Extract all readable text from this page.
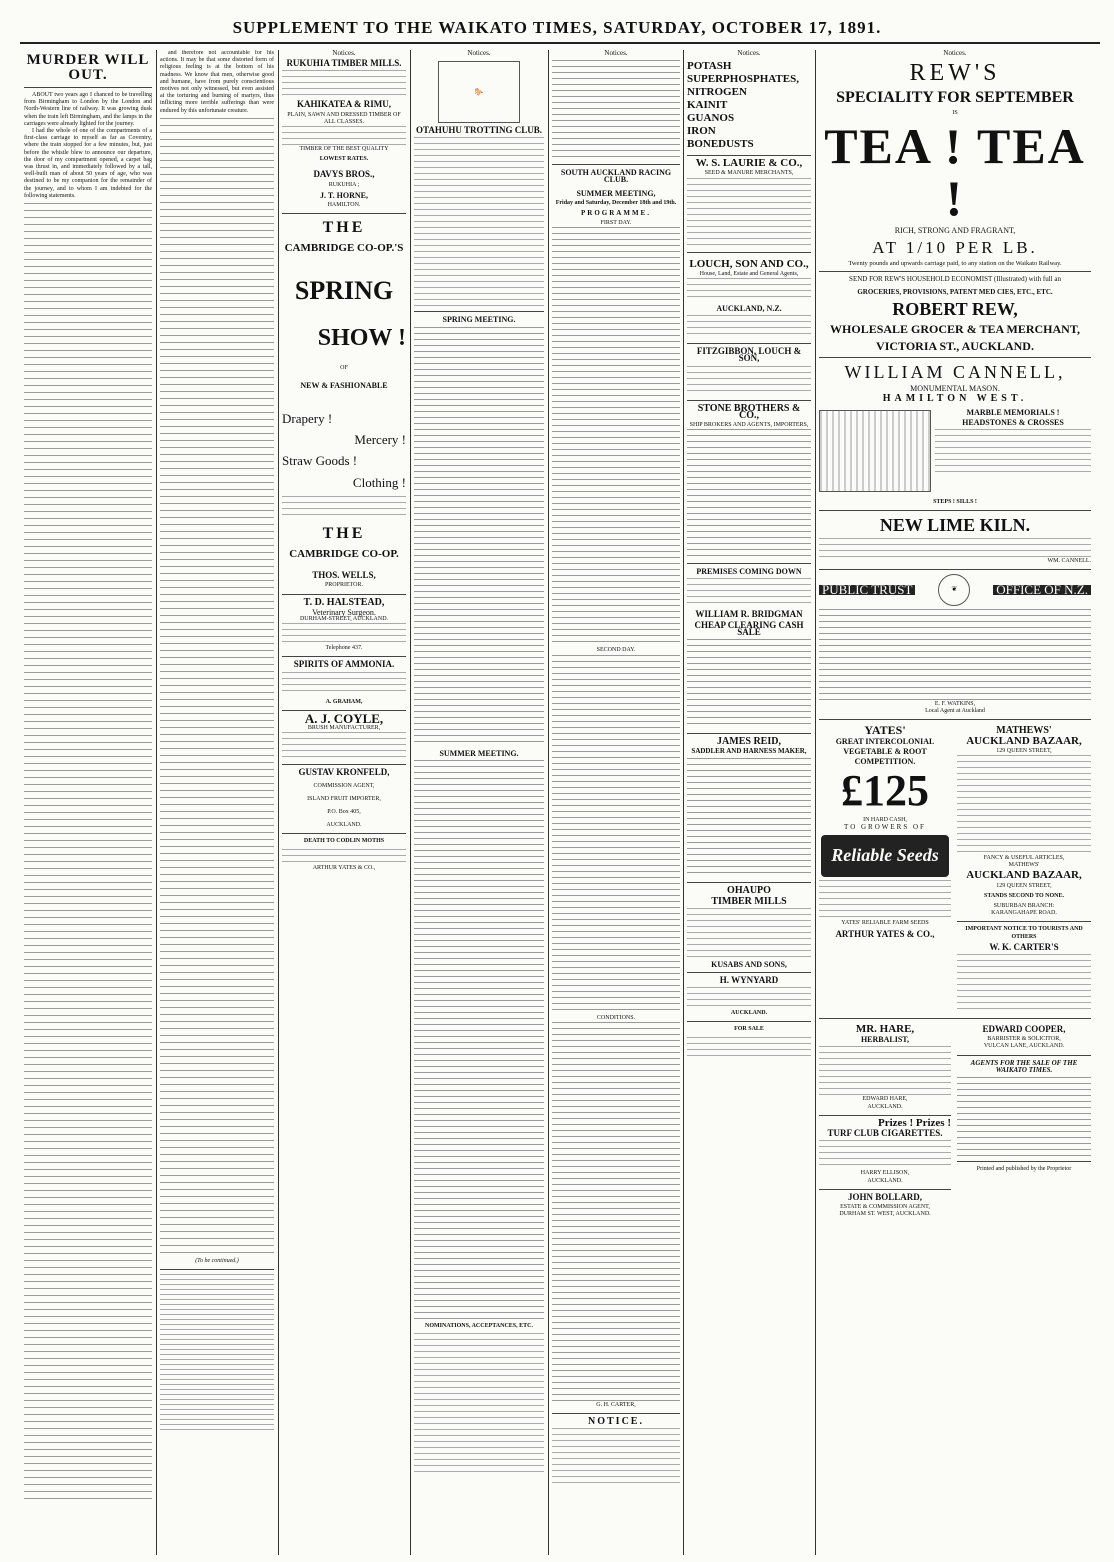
SUPPLEMENT TO THE WAIKATO TIMES, SATURDAY, OCTOBER 17, 1891.
MURDER WILL OUT.

ABOUT two years ago I chanced to be travelling from Birmingham to London by the London and North-Western line of railway. It was growing dusk when the train left Birmingham, and the lamps in the carriages were already lighted for the journey.

I had the whole of one of the compartments of a first-class carriage to myself as far as Coventry, where the train stopped for a few minutes, but, just before the whistle blew to announce our departure, the door of my compartment opened, a carpet bag was thrust in, and immediately followed by a tall, well-built man of about 50 years of age, who was destined to be my companion for the remainder of the journey, and to whom I am indebted for the following statements.

and therefore not accountable for his actions. It may be that some distorted form of religious feeling is at the bottom of his madness. We know that men, otherwise good and humane, have from purely conscientious motives not only witnessed, but even assisted at the torturing and burning of martyrs, thus inflicting more terrible sufferings than were endured by this unfortunate creature.

(To be continued.)
Notices.
RUKUHIA TIMBER MILLS.
KAHIKATEA & RIMU,
PLAIN, SAWN AND DRESSED TIMBER OF ALL CLASSES.
TIMBER OF THE BEST QUALITY
LOWEST RATES.
DAVYS BROS.,
RUKUHIA ;
J. T. HORNE,
HAMILTON.
THE
CAMBRIDGE CO-OP.'S
SPRING
SHOW !
OF
NEW & FASHIONABLE
Drapery !
Mercery !
Straw Goods !
Clothing !
THE
CAMBRIDGE CO-OP.
THOS. WELLS,
PROPRIETOR.
T. D. HALSTEAD,
Veterinary Surgeon.
DURHAM-STREET, AUCKLAND.
Telephone 437.
SPIRITS OF AMMONIA.
A. GRAHAM,
A. J. COYLE,
BRUSH MANUFACTURER,
GUSTAV KRONFELD,
COMMISSION AGENT,
ISLAND FRUIT IMPORTER,
P.O. Box 405,
AUCKLAND.
DEATH TO CODLIN MOTHS
ARTHUR YATES & CO.,
Notices.
🐎
OTAHUHU TROTTING CLUB.
SPRING MEETING.
SUMMER MEETING.
NOMINATIONS, ACCEPTANCES, ETC.
Notices.
SOUTH AUCKLAND RACING CLUB.
SUMMER MEETING,
Friday and Saturday, December 18th and 19th.
PROGRAMME.
FIRST DAY.
SECOND DAY.
CONDITIONS.
G. H. CARTER,
NOTICE.
Notices.
POTASH
SUPERPHOSPHATES,
NITROGEN
KAINIT
GUANOS
IRON
BONEDUSTS
W. S. LAURIE & CO.,
SEED & MANURE MERCHANTS,
LOUCH, SON AND CO.,
House, Land, Estate and General Agents,
AUCKLAND, N.Z.
FITZGIBBON, LOUCH & SON,
STONE BROTHERS & CO.,
SHIP BROKERS AND AGENTS, IMPORTERS,
PREMISES COMING DOWN
WILLIAM R. BRIDGMAN
CHEAP CLEARING CASH SALE
JAMES REID,
SADDLER AND HARNESS MAKER,
OHAUPO
TIMBER MILLS
KUSABS AND SONS,
H. WYNYARD
AUCKLAND.
FOR SALE
Notices.
REW'S
SPECIALITY FOR SEPTEMBER
IS
TEA ! TEA !
RICH, STRONG AND FRAGRANT,
AT 1/10 PER LB.
Twenty pounds and upwards carriage paid, to any station on the Waikato Railway.
SEND FOR REW'S HOUSEHOLD ECONOMIST (Illustrated) with full an
GROCERIES, PROVISIONS, PATENT MED CIES, ETC., ETC.
ROBERT REW,
WHOLESALE GROCER & TEA MERCHANT,
VICTORIA ST., AUCKLAND.
WILLIAM CANNELL,
MONUMENTAL MASON.
HAMILTON WEST.
MARBLE MEMORIALS !
HEADSTONES & CROSSES
STEPS ! SILLS !
NEW LIME KILN.
WM. CANNELL.
PUBLIC TRUST	❦	OFFICE OF N.Z.
E. F. WATKINS,
Local Agent at Auckland
YATES'
GREAT INTERCOLONIAL
VEGETABLE & ROOT
COMPETITION.
£125
IN HARD CASH,
TO GROWERS OF
Reliable Seeds
YATES' RELIABLE FARM SEEDS
ARTHUR YATES & CO.,
MATHEWS'
AUCKLAND BAZAAR,
129 QUEEN STREET,
FANCY & USEFUL ARTICLES,
MATHEWS'
AUCKLAND BAZAAR,
129 QUEEN STREET,
STANDS SECOND TO NONE.
SUBURBAN BRANCH:
KARANGAHAPE ROAD.
IMPORTANT NOTICE TO TOURISTS AND OTHERS
W. K. CARTER'S
MR. HARE,
HERBALIST,
EDWARD HARE,
AUCKLAND.
Prizes ! Prizes !
TURF CLUB CIGARETTES.
HARRY ELLISON,
AUCKLAND.
JOHN BOLLARD,
ESTATE & COMMISSION AGENT,
DURHAM ST. WEST, AUCKLAND.
EDWARD COOPER,
BARRISTER & SOLICITOR,
VULCAN LANE, AUCKLAND.
AGENTS FOR THE SALE OF THE WAIKATO TIMES.
Printed and published by the Proprietor
